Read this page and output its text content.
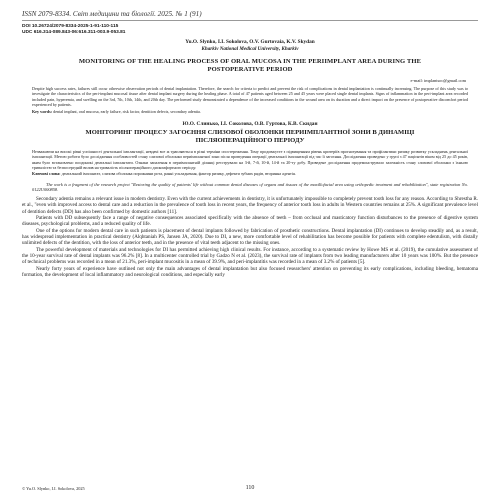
ISSN 2079-8334. Світ медицини та біології. 2025. № 1 (91)
DOI 10.26724/2079-8334-2025-1-91-110-115
UDC 616.314-089.843-06:616.311-003.9-053.81
Yu.O. Slynko, I.I. Sokolova, O.V. Gurtovaia, K.V. Skydan
Kharkiv National Medical University, Kharkiv
MONITORING OF THE HEALING PROCESS OF ORAL MUCOSA IN THE PERIIMPLANT AREA DURING THE POSTOPERATIVE PERIOD
e-mail: implantsoc@gmail.com
Despite high success rates, failures still occur otherwise observation periods of dental implantation. Therefore, the search for criteria to predict and prevent the risk of complications in dental implantation is continually increasing. The purpose of this study was to investigate the characteristics of the peri-implant mucosal tissue after dental implant surgery during the healing phase. A total of 47 patients aged between 25 and 45 years were placed single dental implants. Signs of inflammation in the peri-implant area recorded included pain, hyperemia, and swelling on the 3rd, 7th, 10th, 14th, and 20th day. The performed study demonstrated a dependence of the increased conditions in the wound area on its duration and a direct impact on the presence of postoperative discomfort period experienced by patients.
Key words: dental implant, oral mucosa, early failure, risk factor, dentition defects, secondary adentia.
Ю.О. Слинько, І.І. Соколова, О.В. Гуртова, К.В. Скидан
МОНІТОРИНГ ПРОЦЕСУ ЗАГОЄННЯ СЛИЗОВОЇ ОБОЛОНКИ ПЕРИІМПЛАНТНОЇ ЗОНИ В ДИНАМІЦІ ПІСЛЯОПЕРАЦІЙНОГО ПЕРІОДУ
Незважаючи на високі рівні успішності дентальної імплантації, невдачі все ж трапляються в різні терміни спостереження. Тому продовжуєте з підвищенням рівень критеріїв прогнозування та профілактики ризику розвитку ускладнень дентальної імплантації. Метою роботи було дослідження особливостей стану слизової оболонки периімплантної зони після проведення операції дентальної імплантації під час її загоєння. Дослідження проведено у групі з 47 пацієнтів віком від 25 до 45 років, яким було встановлено поодинокі дентальні імплантати. Ознаки запалення в периімплантній ділянці реєстрували на 3-й, 7-й, 10-й, 14-й та 20-ту добу. Проведене дослідження продемонструвало залежність стану слизової оболонки з їхньою тривалістю та безпосередній вплив на тривалість післяопераційного дискомфортного періоду.
Ключові слова: дентальний імплантат, слизова оболонка порожнини рота, ранні ускладнення, фактор ризику, дефекти зубних рядів, вторинна адентія.
The work is a fragment of the research project "Restoring the quality of patients' life without common dental diseases of organs and tissues of the maxillofacial area using orthopedic treatment and rehabilitation", state registration No. 0122U000858.

Secondary adentia remains a relevant issue in modern dentistry. Even with the current achievements in dentistry, it is unfortunately impossible to completely prevent tooth loss for any reason. According to Shrestha R. et al., "even with improved access to dental care and a reduction in the prevalence of tooth loss in recent years, the frequency of anterior tooth loss in adults in Western countries remains at 25%. A significant prevalence level of dentition defects (DD) has also been confirmed by domestic authors [11].

Patients with DD subsequently face a range of negative consequences associated specifically with the absence of teeth – from occlusal and masticatory function disturbances to the presence of digestive system diseases, psychological problems, and a reduced quality of life.

One of the options for modern dental care in such patients is placement of dental implants followed by fabrication of prosthetic constructions. Dental implantation (DI) continues to develop steadily and, as a result, has widespread implementation in practical dentistry (Alqhtaniah PS, Jansen JA, 2020). Due to DI, a new, more comfortable level of rehabilitation has become possible for patients with complete edentulism, with distally unlimited defects of the dentition, with the loss of anterior teeth, and in the presence of vital teeth adjacent to the missing ones.

The powerful development of materials and technologies for DI has permitted achieving high clinical results. For instance, according to a systematic review by Howe MS et al. (2019), the cumulative assessment of the 10-year survival rate of dental implants was 96.2% [8]. In a multicenter controlled trial by Gadzo N et al. (2023), the survival rate of implants from two leading manufacturers after 10 years was 100%. But the presence of technical problems was recorded in a mean of 21.3%, peri-implant mucositis in a mean of 39.9%, and peri-implantitis was recorded in a mean of 3.2% of patients [5].

Nearly forty years of experience have outlined not only the main advantages of dental implantation but also focused researchers' attention on preventing its early complications, including bleeding, hematoma formation, the development of local inflammatory and neurological conditions, and especially early

© Yu.O. Slynko, I.I. Sokolova, 2025	110
